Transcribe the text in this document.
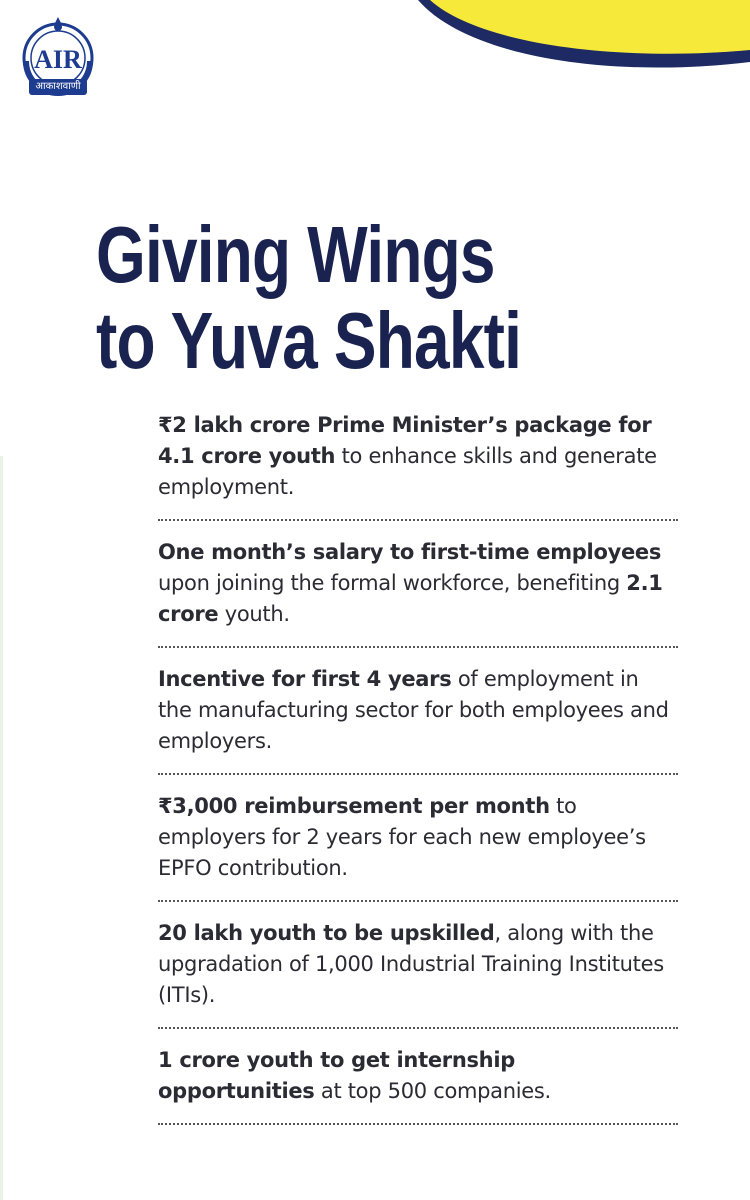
AIR
आकाशवाणी
Giving Wings
to Yuva Shakti
₹2 lakh crore Prime Minister’s package for 4.1 crore youth to enhance skills and generate employment.
One month’s salary to first-time employees upon joining the formal workforce, benefiting 2.1 crore youth.
Incentive for first 4 years of employment in the manufacturing sector for both employees and employers.
₹3,000 reimbursement per month to employers for 2 years for each new employee’s EPFO contribution.
20 lakh youth to be upskilled, along with the upgradation of 1,000 Industrial Training Institutes (ITIs).
1 crore youth to get internship opportunities at top 500 companies.
